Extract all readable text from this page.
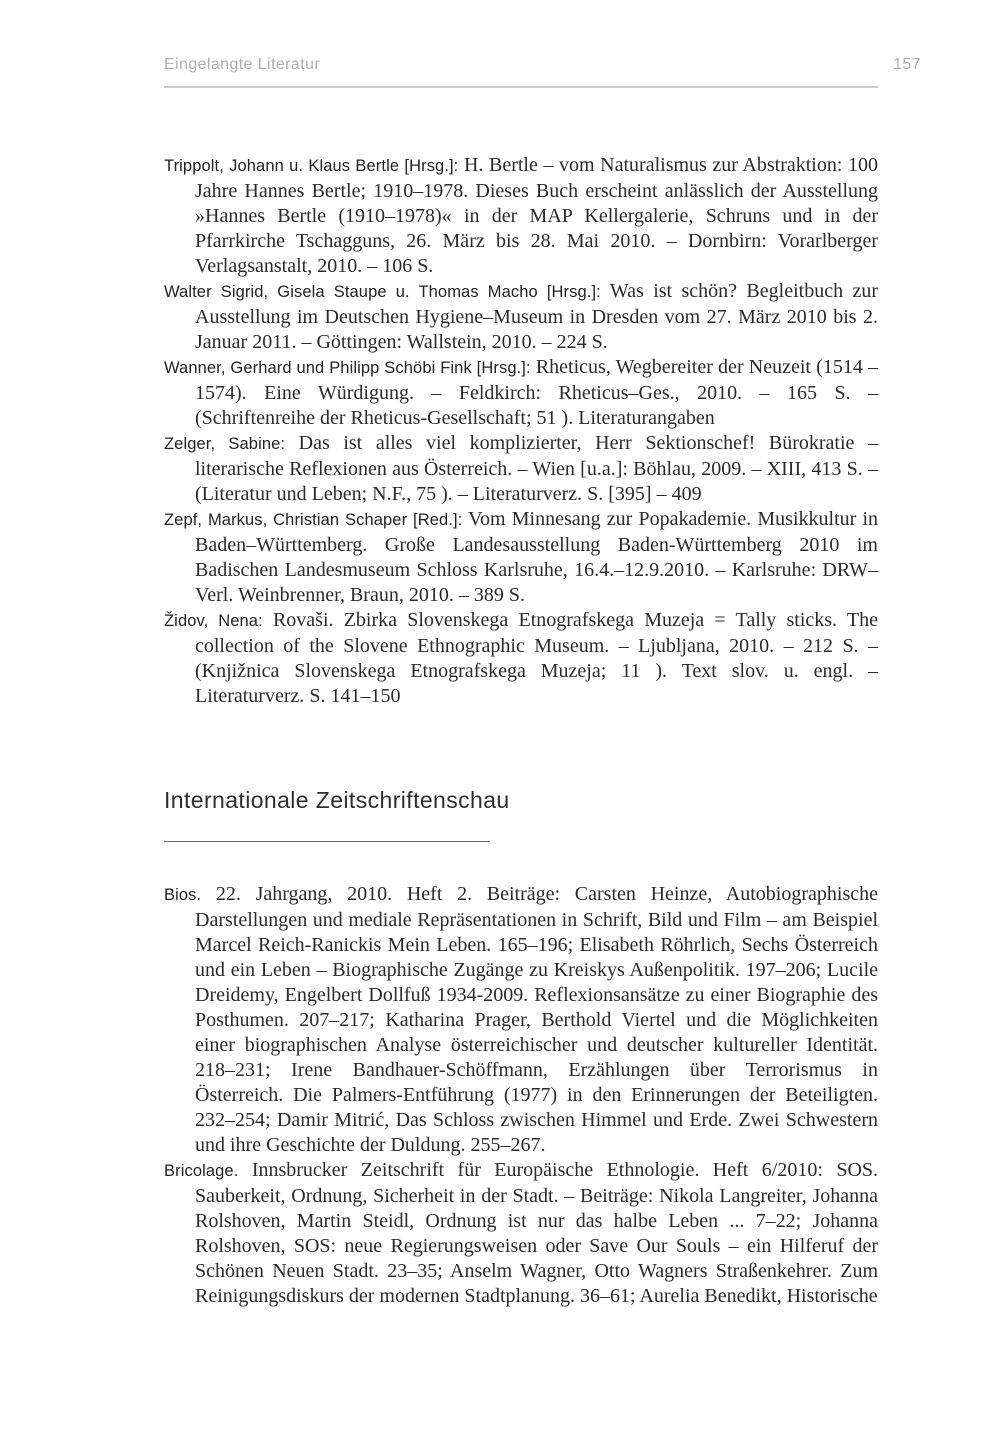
Eingelangte Literatur	157

Trippolt, Johann u. Klaus Bertle [Hrsg.]: H. Bertle – vom Naturalismus zur Abstraktion: 100 Jahre Hannes Bertle; 1910–1978. Dieses Buch erscheint anlässlich der Ausstellung »Hannes Bertle (1910–1978)« in der MAP Kellergalerie, Schruns und in der Pfarrkirche Tschagguns, 26. März bis 28. Mai 2010. – Dornbirn: Vorarlberger Verlagsanstalt, 2010. – 106 S.

Walter Sigrid, Gisela Staupe u. Thomas Macho [Hrsg.]: Was ist schön? Begleitbuch zur Ausstellung im Deutschen Hygiene–Museum in Dresden vom 27. März 2010 bis 2. Januar 2011. – Göttingen: Wallstein, 2010. – 224 S.

Wanner, Gerhard und Philipp Schöbi Fink [Hrsg.]: Rheticus, Wegbereiter der Neuzeit (1514 – 1574). Eine Würdigung. – Feldkirch: Rheticus–Ges., 2010. – 165 S. – (Schriftenreihe der Rheticus-Gesellschaft; 51 ). Literaturangaben

Zelger, Sabine: Das ist alles viel komplizierter, Herr Sektionschef! Bürokratie – literarische Reflexionen aus Österreich. – Wien [u.a.]: Böhlau, 2009. – XIII, 413 S. – (Literatur und Leben; N.F., 75 ). – Literaturverz. S. [395] – 409

Zepf, Markus, Christian Schaper [Red.]: Vom Minnesang zur Popakademie. Musikkultur in Baden–Württemberg. Große Landesausstellung Baden-Württemberg 2010 im Badischen Landesmuseum Schloss Karlsruhe, 16.4.–12.9.2010. – Karlsruhe: DRW–Verl. Weinbrenner, Braun, 2010. – 389 S.

Židov, Nena: Rovaši. Zbirka Slovenskega Etnografskega Muzeja = Tally sticks. The collection of the Slovene Ethnographic Museum. – Ljubljana, 2010. – 212 S. – (Knjižnica Slovenskega Etnografskega Muzeja; 11 ). Text slov. u. engl. – Literaturverz. S. 141–150

Internationale Zeitschriftenschau

Bios. 22. Jahrgang, 2010. Heft 2. Beiträge: Carsten Heinze, Autobiographische Darstellungen und mediale Repräsentationen in Schrift, Bild und Film – am Beispiel Marcel Reich-Ranickis Mein Leben. 165–196; Elisabeth Röhrlich, Sechs Österreich und ein Leben – Biographische Zugänge zu Kreiskys Außenpolitik. 197–206; Lucile Dreidemy, Engelbert Dollfuß 1934-2009. Reflexionsansätze zu einer Biographie des Posthumen. 207–217; Katharina Prager, Berthold Viertel und die Möglichkeiten einer biographischen Analyse österreichischer und deutscher kultureller Identität. 218–231; Irene Bandhauer-Schöffmann, Erzählungen über Terrorismus in Österreich. Die Palmers-Entführung (1977) in den Erinnerungen der Beteiligten. 232–254; Damir Mitrić, Das Schloss zwischen Himmel und Erde. Zwei Schwestern und ihre Geschichte der Duldung. 255–267.

Bricolage. Innsbrucker Zeitschrift für Europäische Ethnologie. Heft 6/2010: SOS. Sauberkeit, Ordnung, Sicherheit in der Stadt. – Beiträge: Nikola Langreiter, Johanna Rolshoven, Martin Steidl, Ordnung ist nur das halbe Leben ... 7–22; Johanna Rolshoven, SOS: neue Regierungsweisen oder Save Our Souls – ein Hilferuf der Schönen Neuen Stadt. 23–35; Anselm Wagner, Otto Wagners Straßenkehrer. Zum Reinigungsdiskurs der modernen Stadtplanung. 36–61; Aurelia Benedikt, Historische
